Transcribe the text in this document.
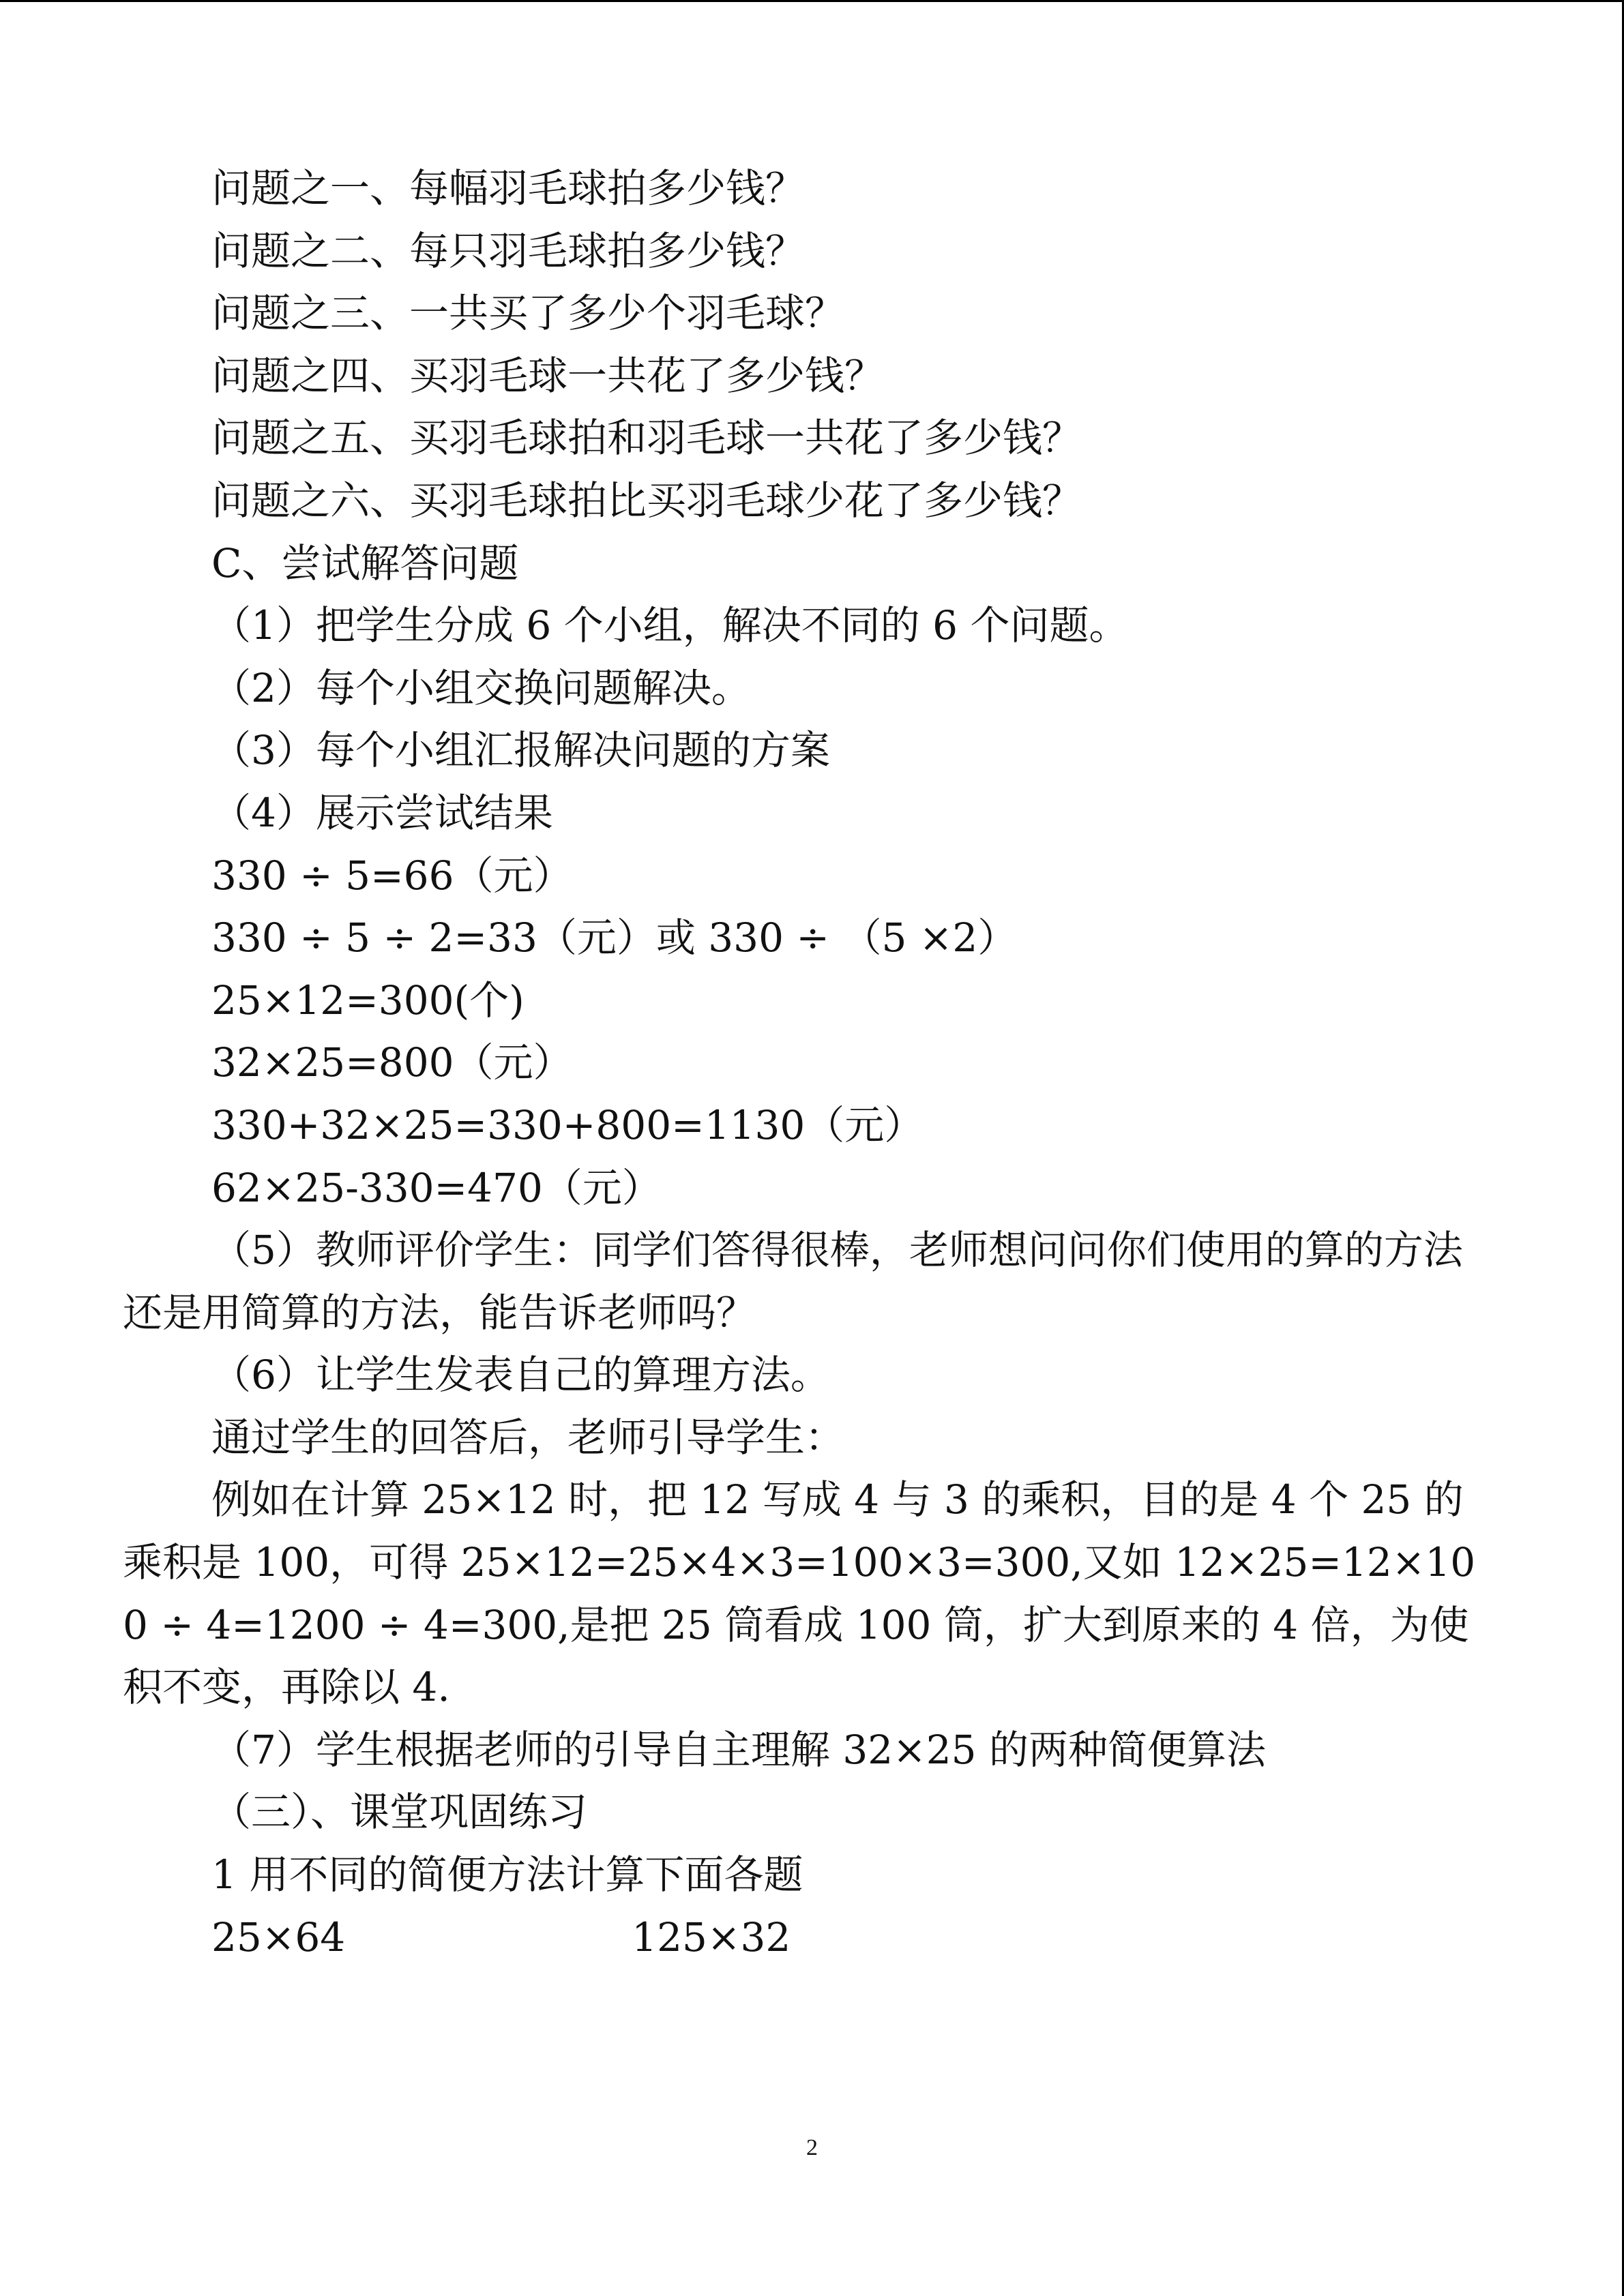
问题之一、每幅羽毛球拍多少钱？
问题之二、每只羽毛球拍多少钱？
问题之三、一共买了多少个羽毛球？
问题之四、买羽毛球一共花了多少钱？
问题之五、买羽毛球拍和羽毛球一共花了多少钱？
问题之六、买羽毛球拍比买羽毛球少花了多少钱？
C、尝试解答问题
（1）把学生分成 6 个小组，解决不同的 6 个问题。
（2）每个小组交换问题解决。
（3）每个小组汇报解决问题的方案
（4）展示尝试结果
330 ÷ 5=66（元）
330 ÷ 5 ÷ 2=33（元）或 330 ÷ （5 ×2）
25×12=300(个)
32×25=800（元）
330+32×25=330+800=1130（元）
62×25-330=470（元）
（5）教师评价学生：同学们答得很棒，老师想问问你们使用的算的方法还是用简算的方法，能告诉老师吗？
（6）让学生发表自己的算理方法。
通过学生的回答后，老师引导学生：
例如在计算 25×12 时，把 12 写成 4 与 3 的乘积，目的是 4 个 25 的乘积是 100，可得 25×12=25×4×3=100×3=300,又如 12×25=12×100 ÷ 4=1200 ÷ 4=300,是把 25 筒看成 100 筒，扩大到原来的 4 倍，为使积不变，再除以 4.
（7）学生根据老师的引导自主理解 32×25 的两种简便算法
（三）、课堂巩固练习
1 用不同的简便方法计算下面各题
25×64	125×32
2
